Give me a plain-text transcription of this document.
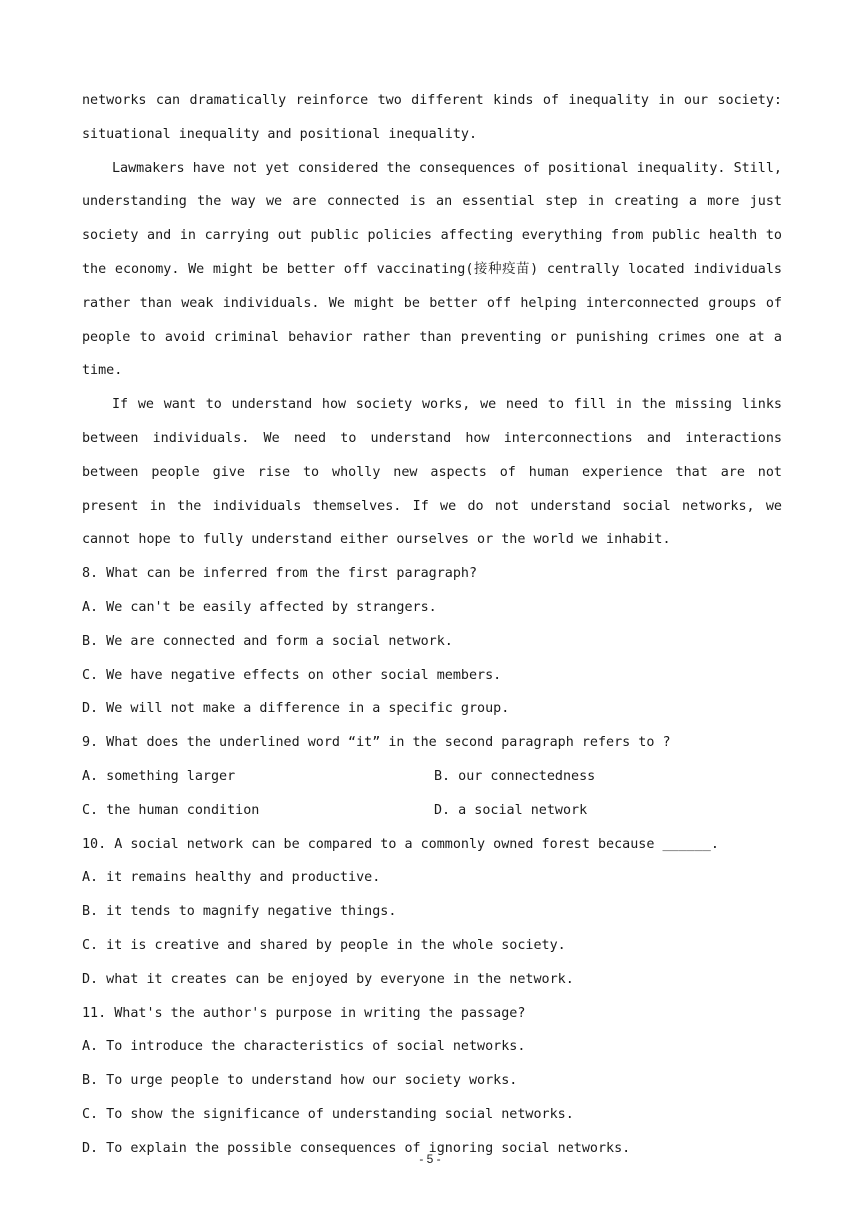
networks can dramatically reinforce two different kinds of inequality in our society: situational inequality and positional inequality.

Lawmakers have not yet considered the consequences of positional inequality. Still, understanding the way we are connected is an essential step in creating a more just society and in carrying out public policies affecting everything from public health to the economy. We might be better off vaccinating(接种疫苗) centrally located individuals rather than weak individuals. We might be better off helping interconnected groups of people to avoid criminal behavior rather than preventing or punishing crimes one at a time.

If we want to understand how society works, we need to fill in the missing links between individuals. We need to understand how interconnections and interactions between people give rise to wholly new aspects of human experience that are not present in the individuals themselves. If we do not understand social networks, we cannot hope to fully understand either ourselves or the world we inhabit.

8. What can be inferred from the first paragraph?

A. We can't be easily affected by strangers.

B. We are connected and form a social network.

C. We have negative effects on other social members.

D. We will not make a difference in a specific group.

9. What does the underlined word “it” in the second paragraph refers to ?

A. something larger	B. our connectedness
C. the human condition	D. a social network

10. A social network can be compared to a commonly owned forest because ______.

A. it remains healthy and productive.

B. it tends to magnify negative things.

C. it is creative and shared by people in the whole society.

D. what it creates can be enjoyed by everyone in the network.

11. What's the author's purpose in writing the passage?

A. To introduce the characteristics of social networks.

B. To urge people to understand how our society works.

C. To show the significance of understanding social networks.

D. To explain the possible consequences of ignoring social networks.

- 5 -
